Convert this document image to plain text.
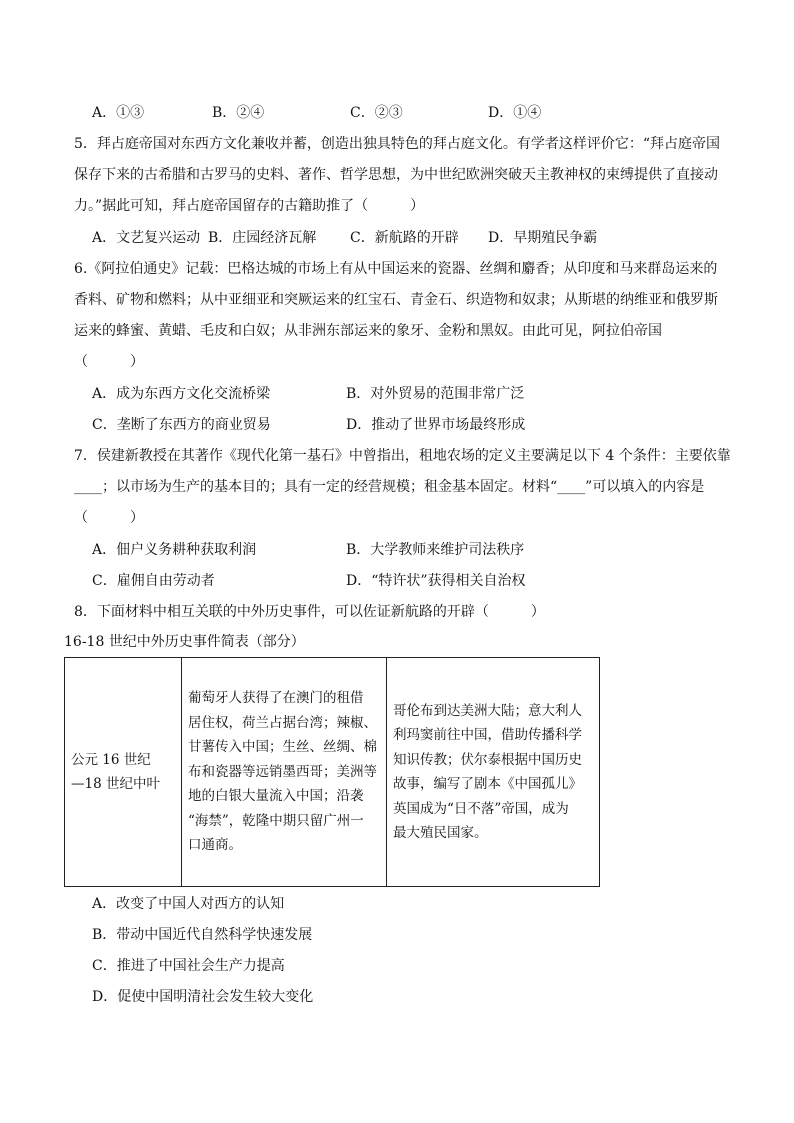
A．①③	B．②④	C．②③	D．①④
5．拜占庭帝国对东西方文化兼收并蓄，创造出独具特色的拜占庭文化。有学者这样评价它：“拜占庭帝国
保存下来的古希腊和古罗马的史料、著作、哲学思想，为中世纪欧洲突破天主教神权的束缚提供了直接动
力。”据此可知，拜占庭帝国留存的古籍助推了（　　　）
A．文艺复兴运动 B．庄园经济瓦解 C．新航路的开辟 D．早期殖民争霸
6.《阿拉伯通史》记载：巴格达城的市场上有从中国运来的瓷器、丝绸和麝香；从印度和马来群岛运来的
香料、矿物和燃料；从中亚细亚和突厥运来的红宝石、青金石、织造物和奴隶；从斯堪的纳维亚和俄罗斯
运来的蜂蜜、黄蜡、毛皮和白奴；从非洲东部运来的象牙、金粉和黑奴。由此可见，阿拉伯帝国
（　　　）
A．成为东西方文化交流桥梁	B．对外贸易的范围非常广泛
C．垄断了东西方的商业贸易	D．推动了世界市场最终形成
7．侯建新教授在其著作《现代化第一基石》中曾指出，租地农场的定义主要满足以下 4 个条件：主要依靠
____；以市场为生产的基本目的；具有一定的经营规模；租金基本固定。材料“____”可以填入的内容是
（　　　）
A．佃户义务耕种获取利润	B．大学教师来维护司法秩序
C．雇佣自由劳动者	D．“特许状”获得相关自治权
8．下面材料中相互关联的中外历史事件，可以佐证新航路的开辟（　　　）
16-18 世纪中外历史事件简表（部分）
公元 16 世纪
—18 世纪中叶

葡萄牙人获得了在澳门的租借
居住权，荷兰占据台湾；辣椒、
甘薯传入中国；生丝、丝绸、棉
布和瓷器等远销墨西哥；美洲等
地的白银大量流入中国；沿袭
“海禁”，乾隆中期只留广州一
口通商。

哥伦布到达美洲大陆；意大利人
利玛窦前往中国，借助传播科学
知识传教；伏尔泰根据中国历史
故事，编写了剧本《中国孤儿》
英国成为“日不落”帝国，成为
最大殖民国家。
A．改变了中国人对西方的认知
B．带动中国近代自然科学快速发展
C．推进了中国社会生产力提高
D．促使中国明清社会发生较大变化
